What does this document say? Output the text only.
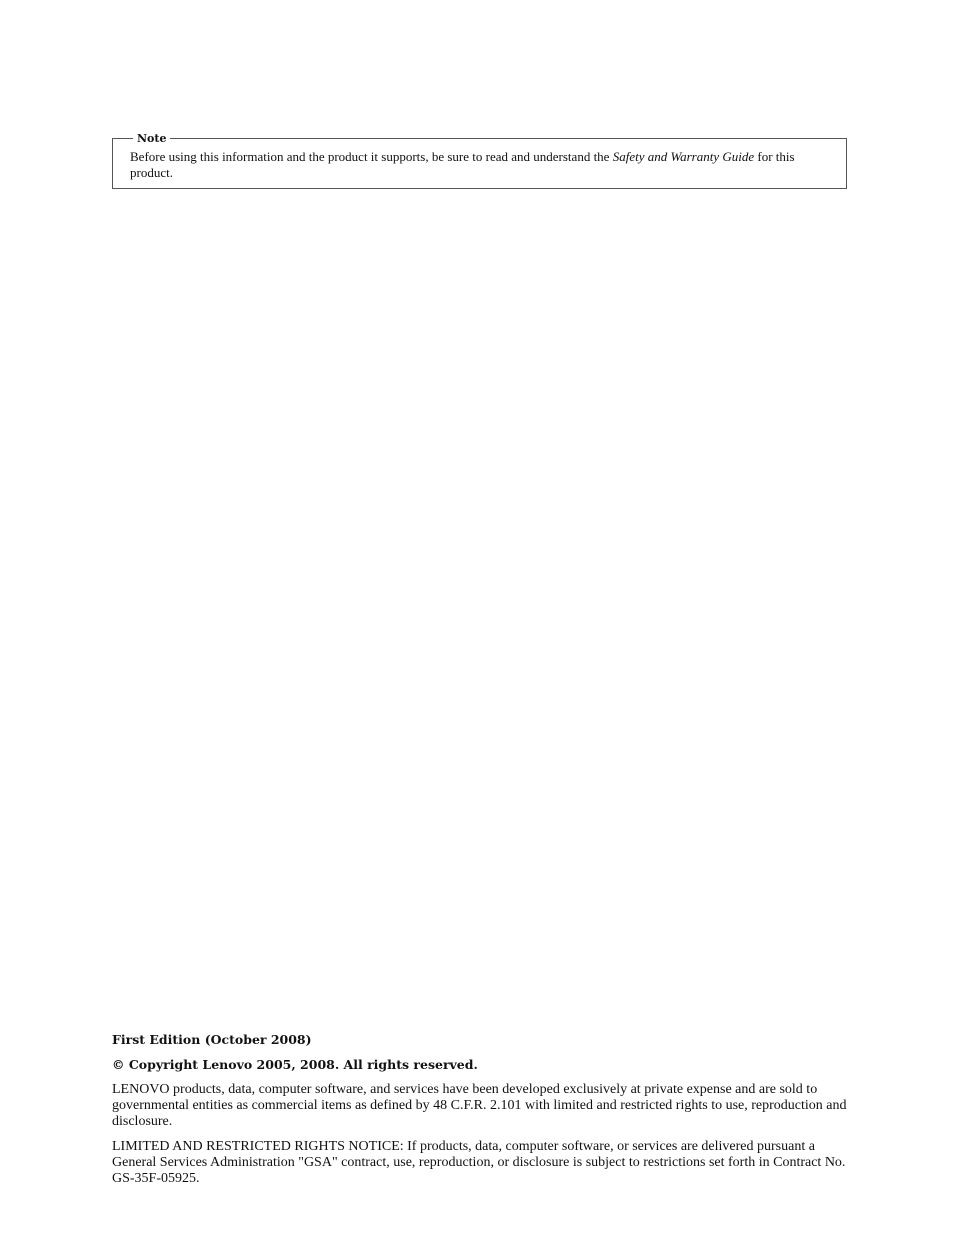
Note
Before using this information and the product it supports, be sure to read and understand the Safety and Warranty Guide for this product.

First Edition (October 2008)

© Copyright Lenovo 2005, 2008. All rights reserved.

LENOVO products, data, computer software, and services have been developed exclusively at private expense and are sold to governmental entities as commercial items as defined by 48 C.F.R. 2.101 with limited and restricted rights to use, reproduction and disclosure.

LIMITED AND RESTRICTED RIGHTS NOTICE: If products, data, computer software, or services are delivered pursuant a General Services Administration "GSA" contract, use, reproduction, or disclosure is subject to restrictions set forth in Contract No. GS-35F-05925.
